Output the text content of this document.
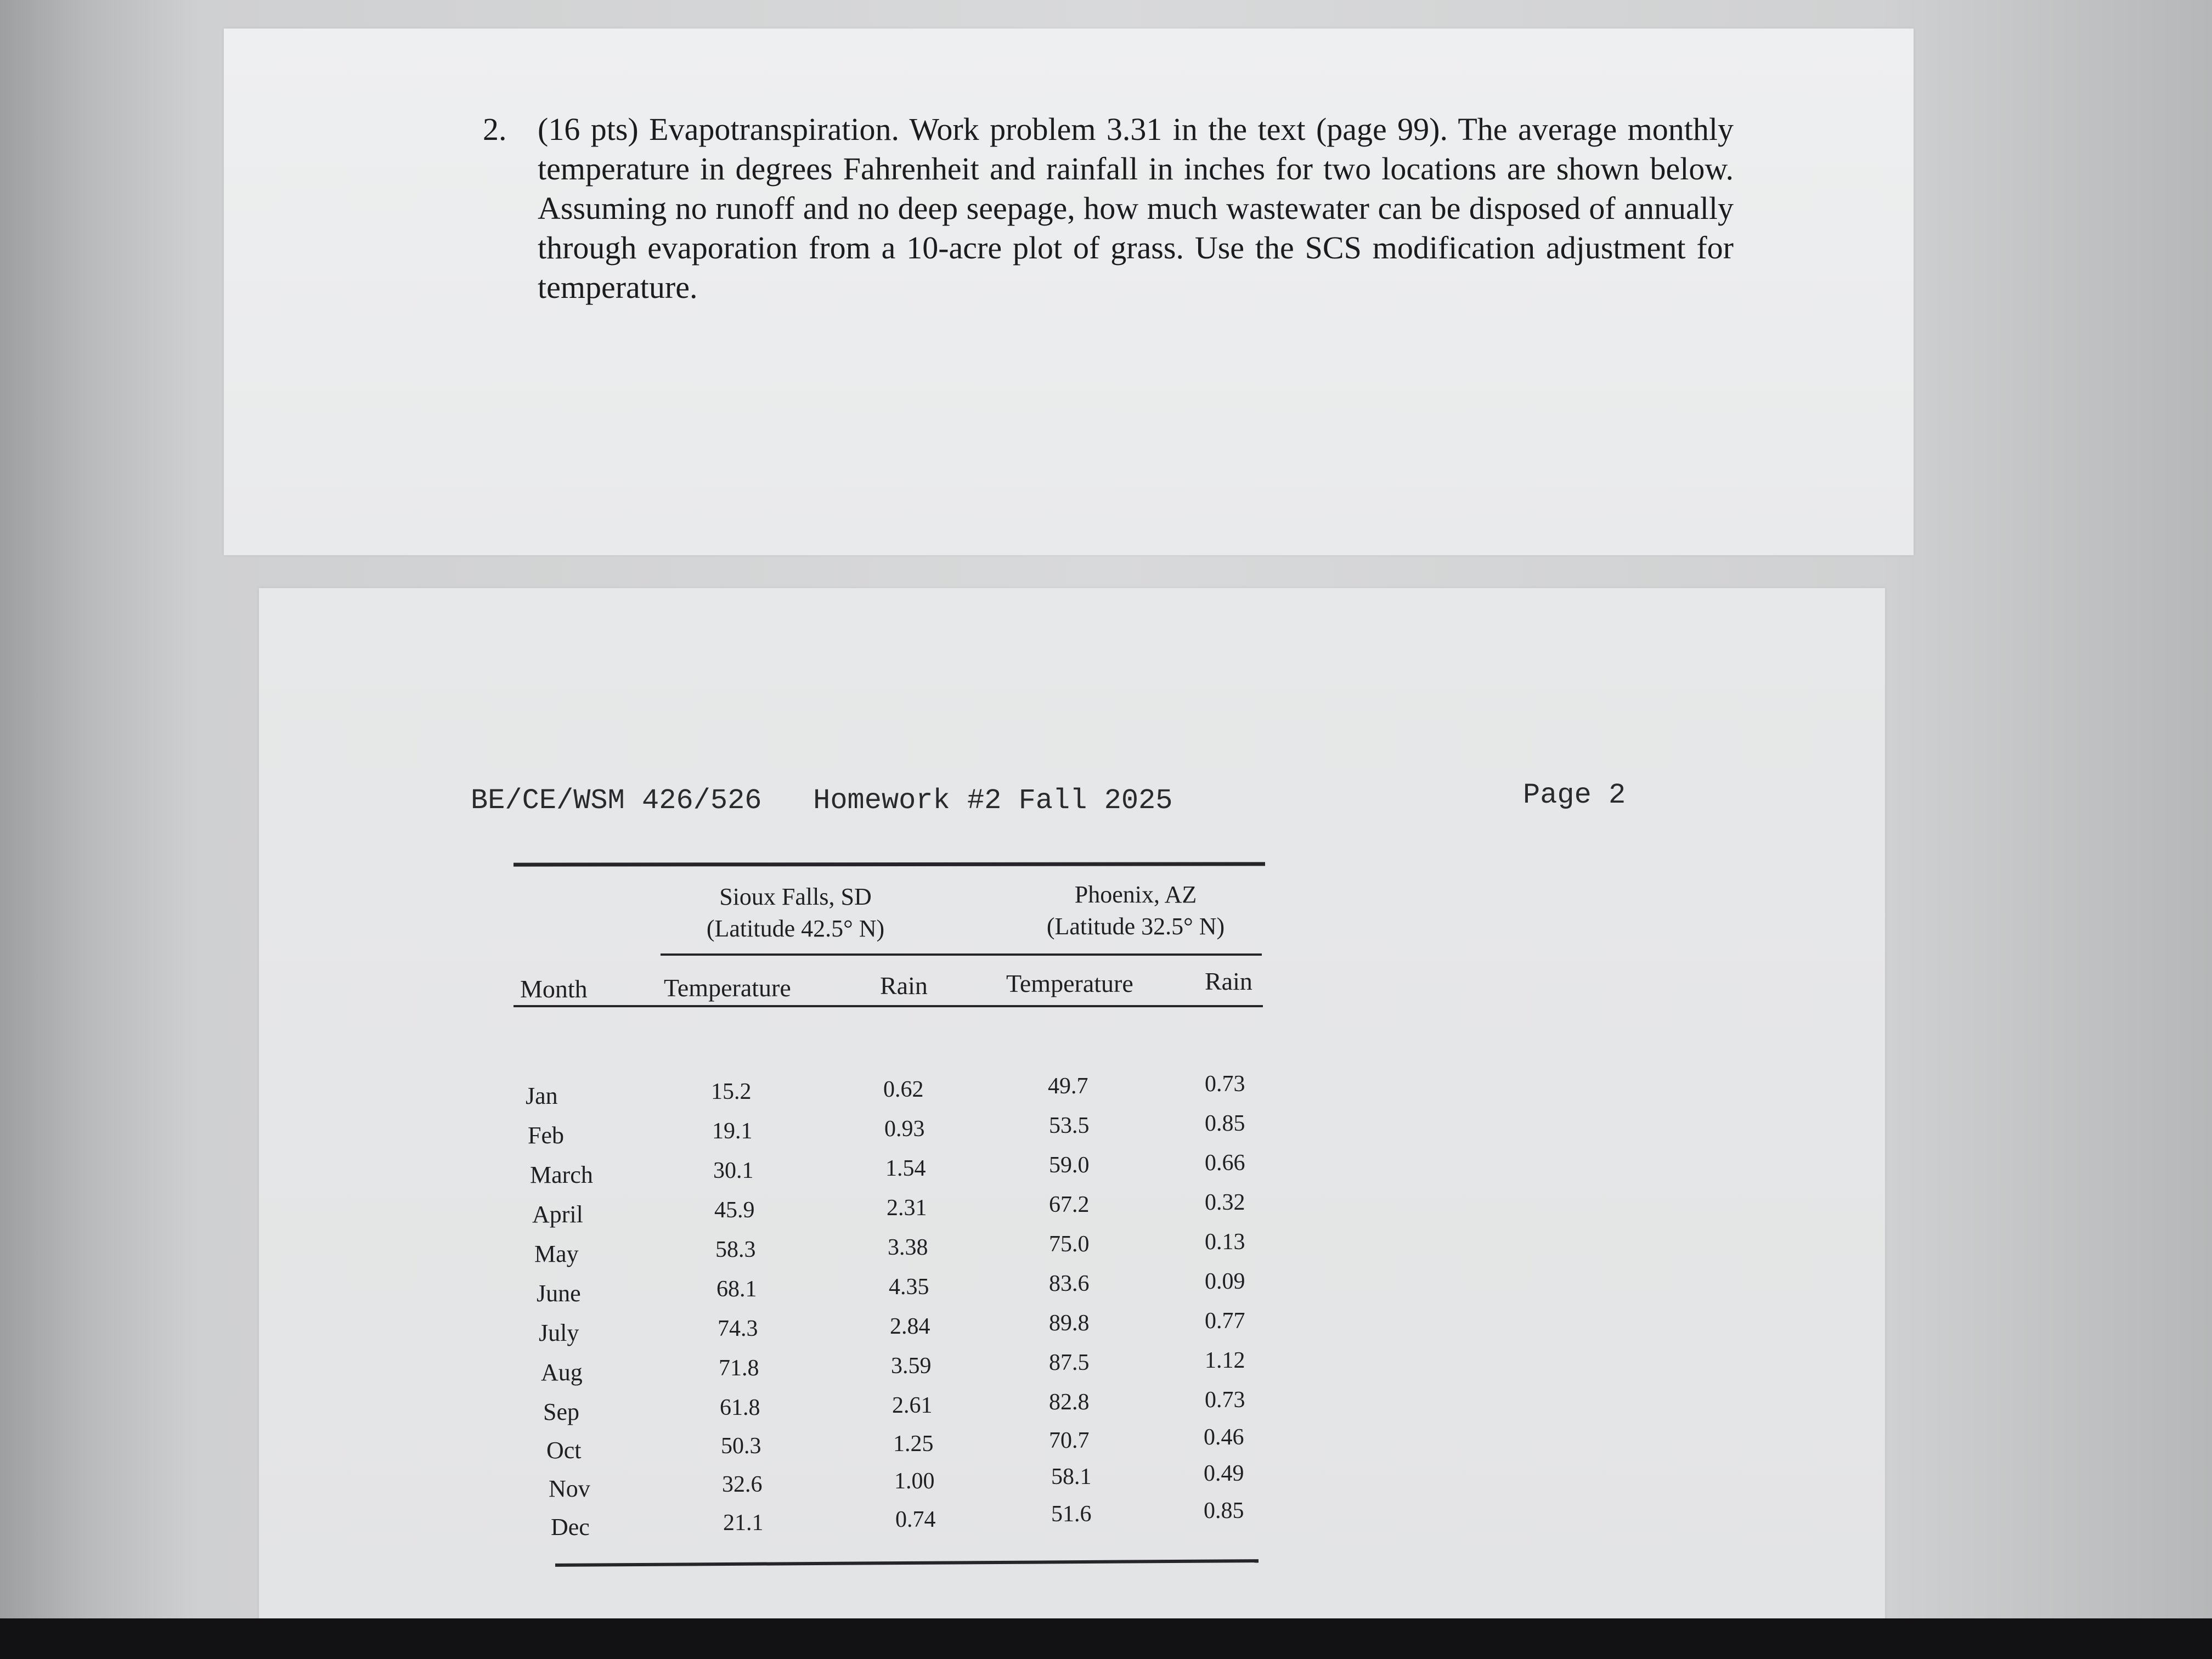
2. (16 pts) Evapotranspiration. Work problem 3.31 in the text (page 99). The average monthly temperature in degrees Fahrenheit and rainfall in inches for two locations are shown below. Assuming no runoff and no deep seepage, how much wastewater can be disposed of annually through evaporation from a 10-acre plot of grass. Use the SCS modification adjustment for temperature.
BE/CE/WSM 426/526 Homework #2 Fall 2025	Page 2
Sioux Falls, SD
(Latitude 42.5° N)
Phoenix, AZ
(Latitude 32.5° N)
Month	Temperature	Rain	Temperature	Rain
Jan	15.2	0.62	49.7	0.73
Feb	19.1	0.93	53.5	0.85
March	30.1	1.54	59.0	0.66
April	45.9	2.31	67.2	0.32
May	58.3	3.38	75.0	0.13
June	68.1	4.35	83.6	0.09
July	74.3	2.84	89.8	0.77
Aug	71.8	3.59	87.5	1.12
Sep	61.8	2.61	82.8	0.73
Oct	50.3	1.25	70.7	0.46
Nov	32.6	1.00	58.1	0.49
Dec	21.1	0.74	51.6	0.85
